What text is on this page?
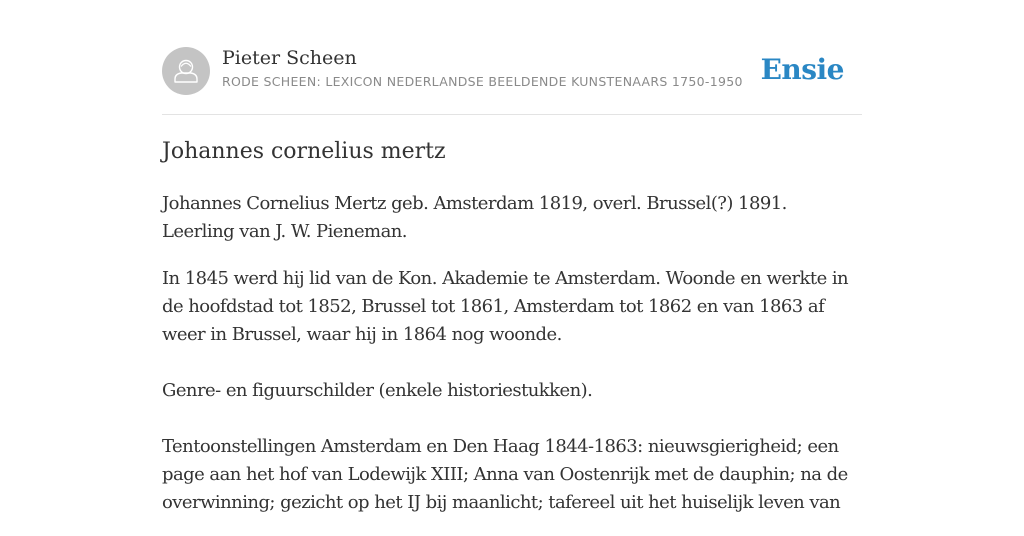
Pieter Scheen
RODE SCHEEN: LEXICON NEDERLANDSE BEELDENDE KUNSTENAARS 1750-1950 Ensie
Johannes cornelius mertz

Johannes Cornelius Mertz geb. Amsterdam 1819, overl. Brussel(?) 1891. Leerling van J. W. Pieneman.

In 1845 werd hij lid van de Kon. Akademie te Amsterdam. Woonde en werkte in de hoofdstad tot 1852, Brussel tot 1861, Amsterdam tot 1862 en van 1863 af weer in Brussel, waar hij in 1864 nog woonde.

Genre- en figuurschilder (enkele historiestukken).

Tentoonstellingen Amsterdam en Den Haag 1844-1863: nieuwsgierigheid; een page aan het hof van Lodewijk XIII; Anna van Oostenrijk met de dauphin; na de overwinning; gezicht op het IJ bij maanlicht; tafereel uit het huiselijk leven van
